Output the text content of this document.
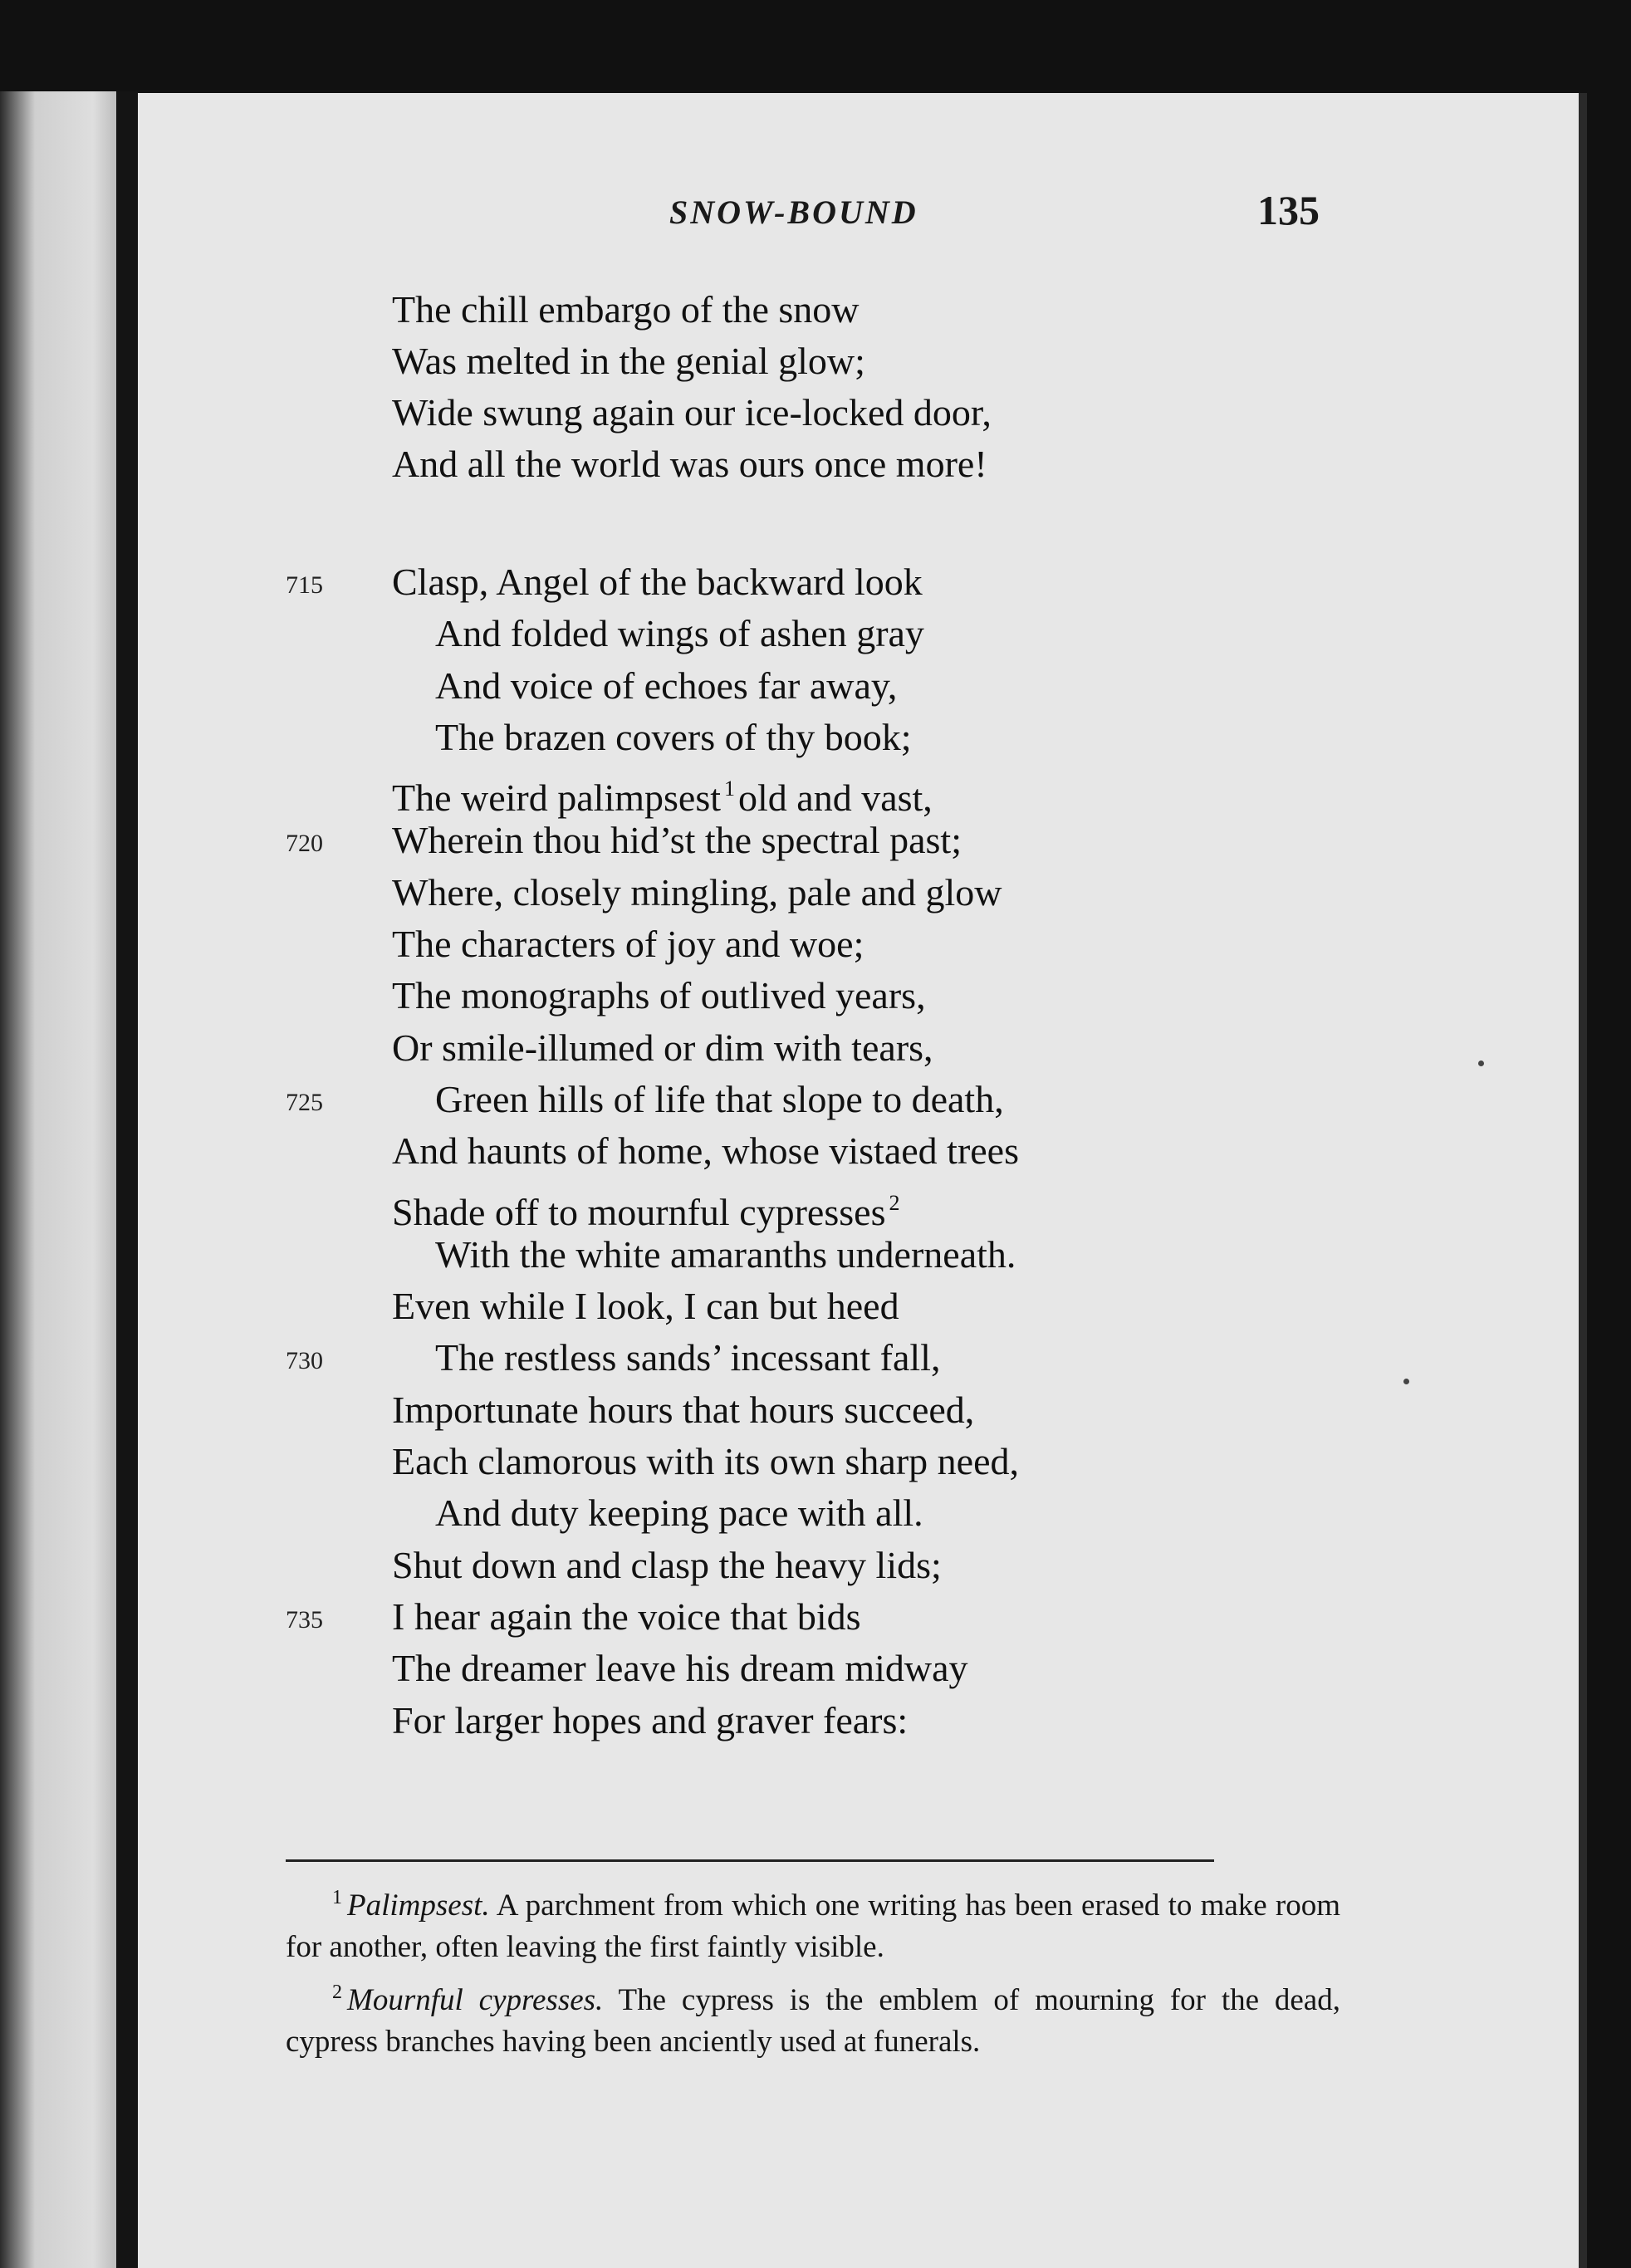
SNOW-BOUND	135
The chill embargo of the snow
Was melted in the genial glow;
Wide swung again our ice-locked door,
And all the world was ours once more!
715 Clasp, Angel of the backward look
And folded wings of ashen gray
And voice of echoes far away,
The brazen covers of thy book;
The weird palimpsest $^1$old and vast,
720 Wherein thou hid’st the spectral past;
Where, closely mingling, pale and glow
The characters of joy and woe;
The monographs of outlived years,
Or smile-illumed or dim with tears,
725	Green hills of life that slope to death,
And haunts of home, whose vistaed trees
Shade off to mournful cypresses $^2$
With the white amaranths underneath.
Even while I look, I can but heed
730	The restless sands’ incessant fall,
Importunate hours that hours succeed,
Each clamorous with its own sharp need,
And duty keeping pace with all.
Shut down and clasp the heavy lids;
735 I hear again the voice that bids
The dreamer leave his dream midway
For larger hopes and graver fears:

$^1$ Palimpsest. A parchment from which one writing has been erased to make room for another, often leaving the first faintly visible.

$^2$ Mournful cypresses. The cypress is the emblem of mourning for the dead, cypress branches having been anciently used at funerals.
